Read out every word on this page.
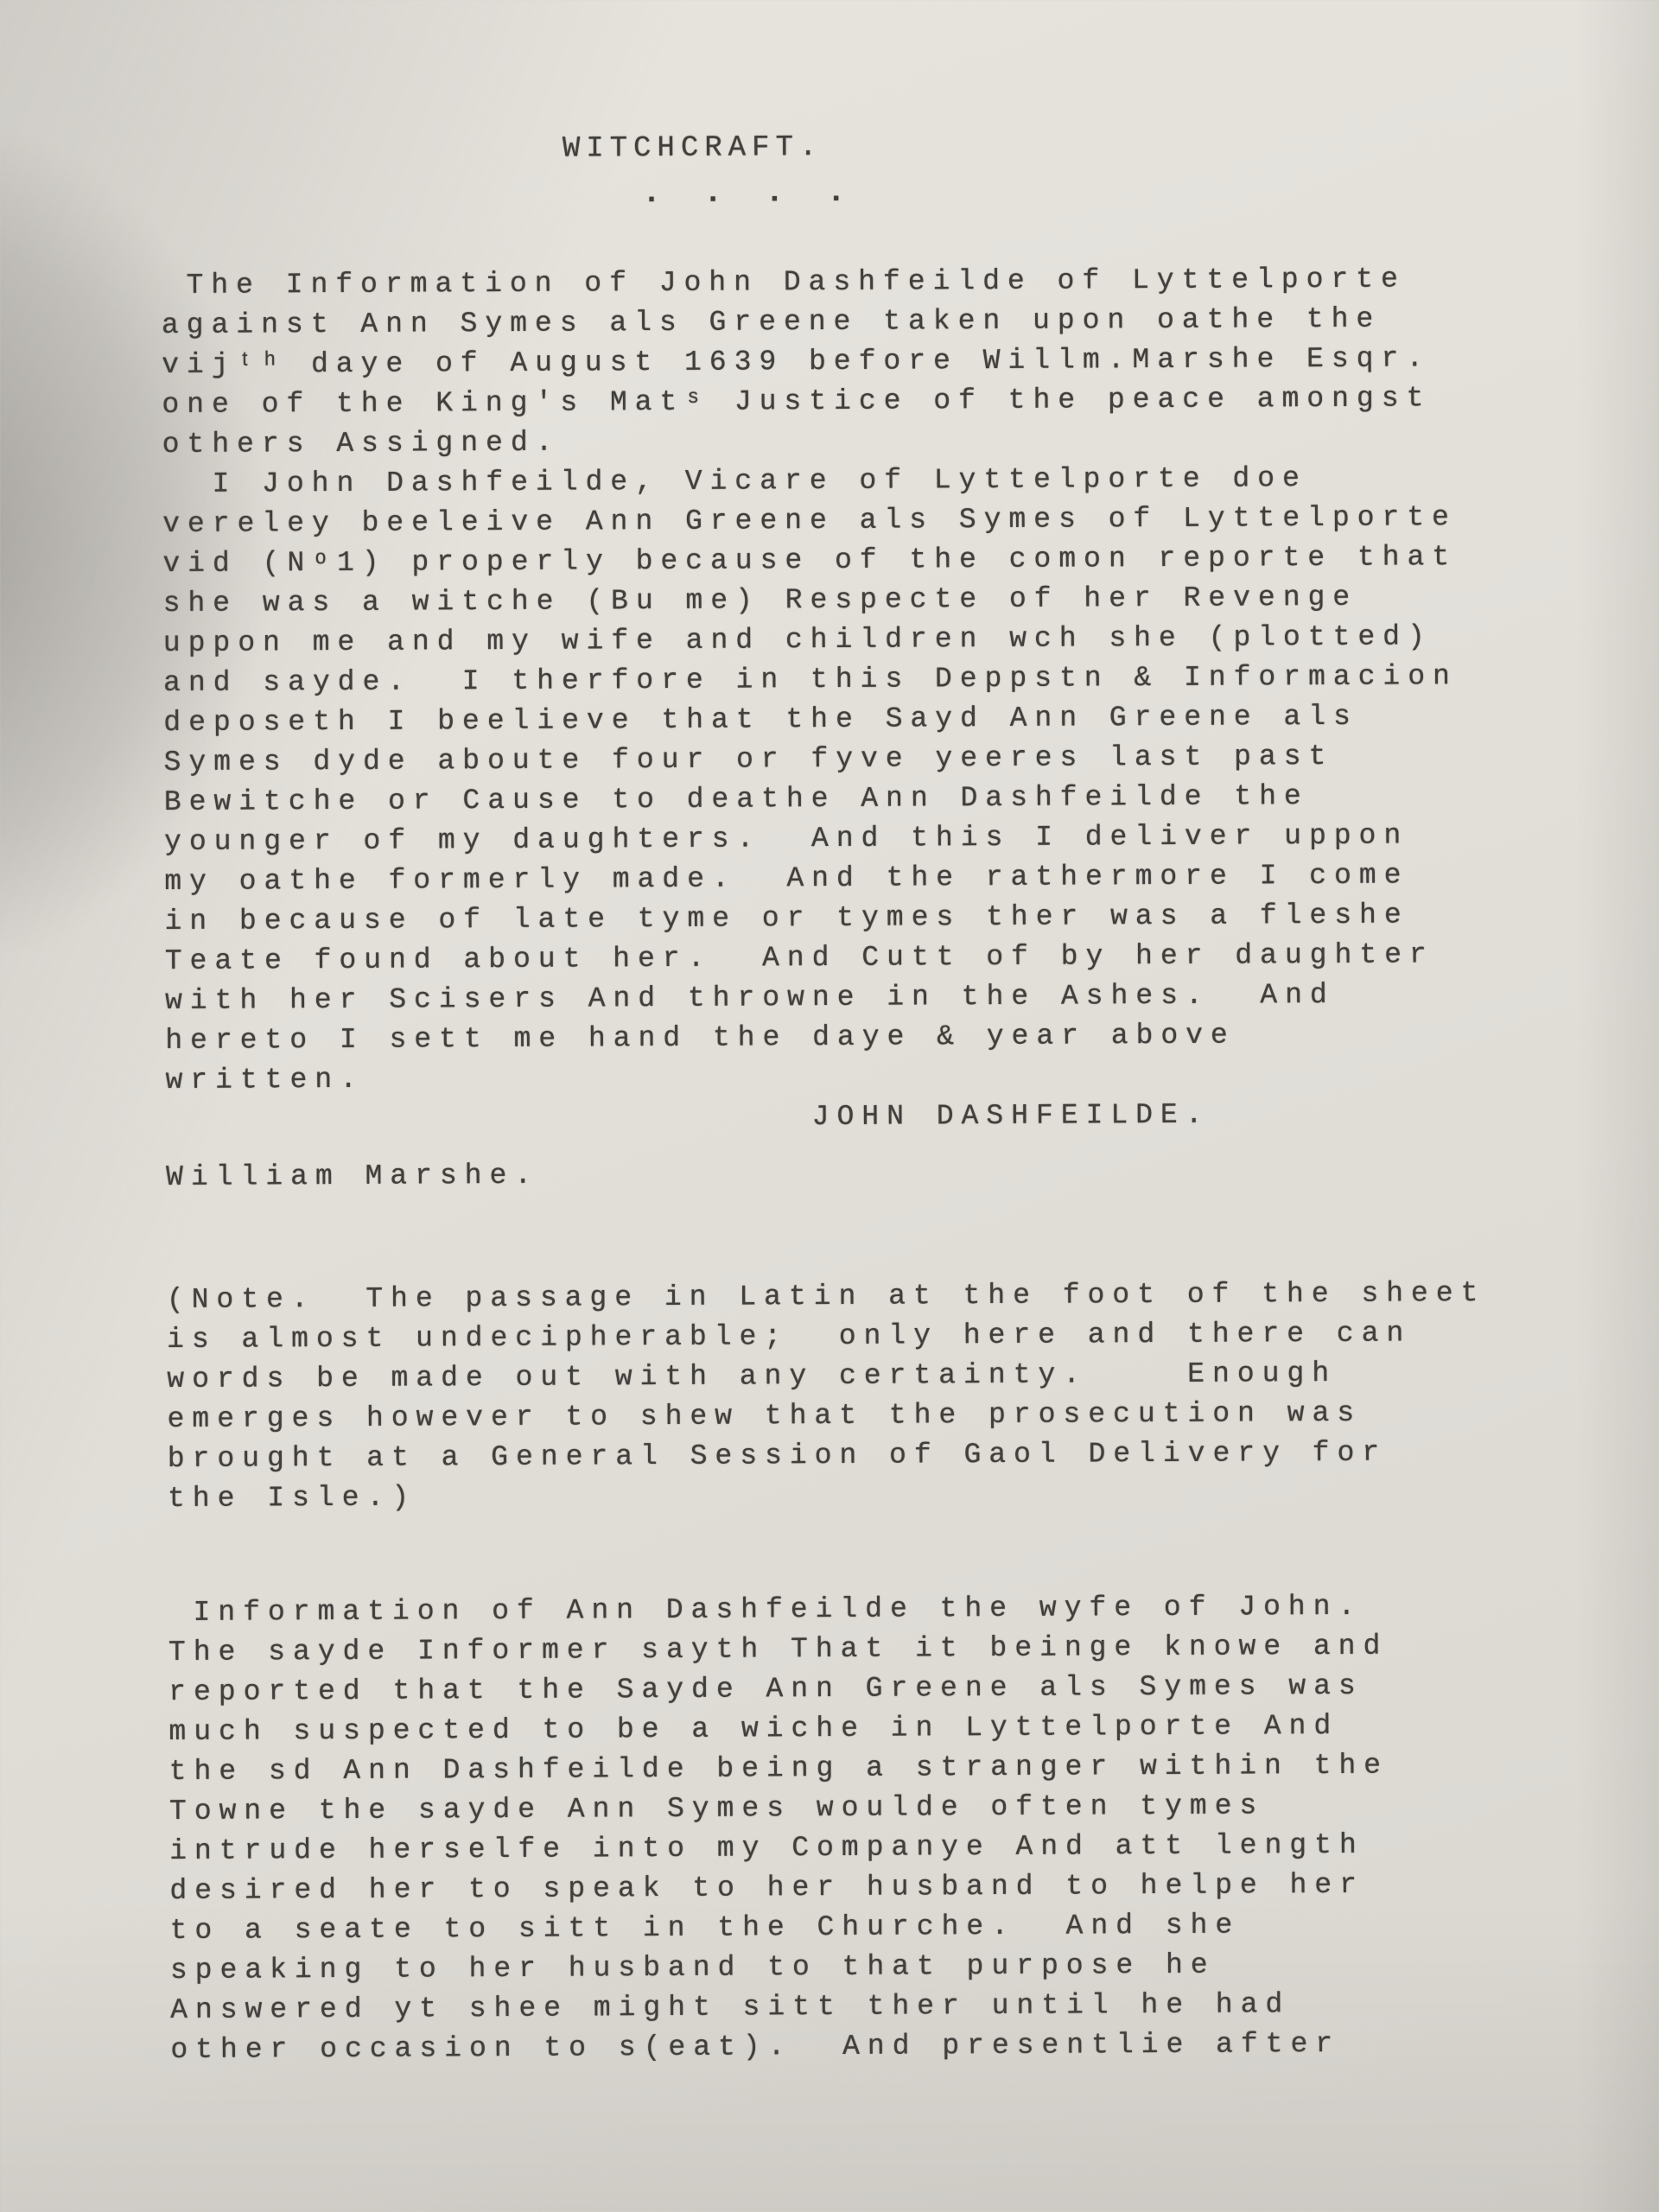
WITCHCRAFT.
. . . .
The Information of John Dashfeilde of Lyttelporte
against Ann Symes als Greene taken upon oathe the
vijᵗʰ daye of August 1639 before Willm.Marshe Esqr.
one of the King's Matˢ Justice of the peace amongst
others Assigned.
I John Dashfeilde, Vicare of Lyttelporte doe
vereley beeleive Ann Greene als Symes of Lyttelporte
vid (Nᵒ1) properly because of the comon reporte that
she was a witche (Bu me) Respecte of her Revenge
uppon me and my wife and children wch she (plotted)
and sayde.  I therfore in this Deppstn & Informacion
deposeth I beelieve that the Sayd Ann Greene als
Symes dyde aboute four or fyve yeeres last past
Bewitche or Cause to deathe Ann Dashfeilde the
younger of my daughters.  And this I deliver uppon
my oathe formerly made.  And the rathermore I come
in because of late tyme or tymes ther was a fleshe
Teate found about her.  And Cutt of by her daughter
with her Scisers And throwne in the Ashes.  And
hereto I sett me hand the daye & year above
written.
JOHN DASHFEILDE.
William Marshe.
(Note.  The passage in Latin at the foot of the sheet
is almost undecipherable;  only here and there can
words be made out with any certainty.    Enough
emerges however to shew that the prosecution was
brought at a General Session of Gaol Delivery for
the Isle.)
Information of Ann Dashfeilde the wyfe of John.
The sayde Informer sayth That it beinge knowe and
reported that the Sayde Ann Greene als Symes was
much suspected to be a wiche in Lyttelporte And
the sd Ann Dashfeilde being a stranger within the
Towne the sayde Ann Symes woulde often tymes
intrude herselfe into my Companye And att length
desired her to speak to her husband to helpe her
to a seate to sitt in the Churche.  And she
speaking to her husband to that purpose he
Answered yt shee might sitt ther until he had
other occasion to s(eat).  And presentlie after
